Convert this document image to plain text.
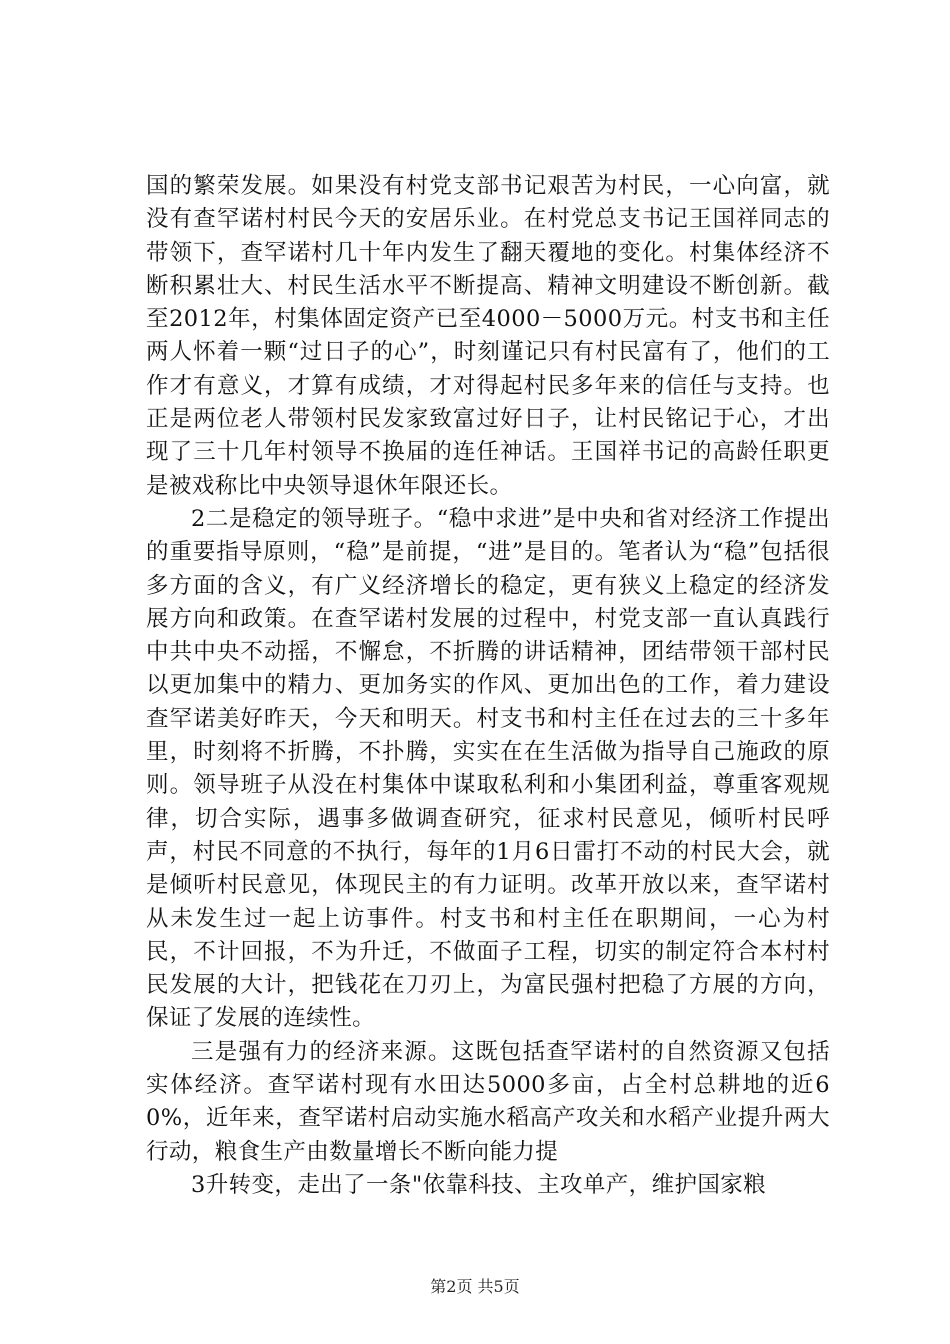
国的繁荣发展。如果没有村党支部书记艰苦为村民，一心向富，就没有查罕诺村村民今天的安居乐业。在村党总支书记王国祥同志的带领下，查罕诺村几十年内发生了翻天覆地的变化。村集体经济不断积累壮大、村民生活水平不断提高、精神文明建设不断创新。截至2012年，村集体固定资产已至4000－5000万元。村支书和主任两人怀着一颗“过日子的心”，时刻谨记只有村民富有了，他们的工作才有意义，才算有成绩，才对得起村民多年来的信任与支持。也正是两位老人带领村民发家致富过好日子，让村民铭记于心，才出现了三十几年村领导不换届的连任神话。王国祥书记的高龄任职更是被戏称比中央领导退休年限还长。

2二是稳定的领导班子。“稳中求进”是中央和省对经济工作提出的重要指导原则，“稳”是前提，“进”是目的。笔者认为“稳”包括很多方面的含义，有广义经济增长的稳定，更有狭义上稳定的经济发展方向和政策。在查罕诺村发展的过程中，村党支部一直认真践行中共中央不动摇，不懈怠，不折腾的讲话精神，团结带领干部村民以更加集中的精力、更加务实的作风、更加出色的工作，着力建设查罕诺美好昨天，今天和明天。村支书和村主任在过去的三十多年里，时刻将不折腾，不扑腾，实实在在生活做为指导自己施政的原则。领导班子从没在村集体中谋取私利和小集团利益，尊重客观规律，切合实际，遇事多做调查研究，征求村民意见，倾听村民呼声，村民不同意的不执行，每年的1月6日雷打不动的村民大会，就是倾听村民意见，体现民主的有力证明。改革开放以来，查罕诺村从未发生过一起上访事件。村支书和村主任在职期间，一心为村民，不计回报，不为升迁，不做面子工程，切实的制定符合本村村民发展的大计，把钱花在刀刃上，为富民强村把稳了方展的方向，保证了发展的连续性。

三是强有力的经济来源。这既包括查罕诺村的自然资源又包括实体经济。查罕诺村现有水田达5000多亩，占全村总耕地的近60%，近年来，查罕诺村启动实施水稻高产攻关和水稻产业提升两大行动，粮食生产由数量增长不断向能力提

3升转变，走出了一条"依靠科技、主攻单产，维护国家粮

第2页 共5页
